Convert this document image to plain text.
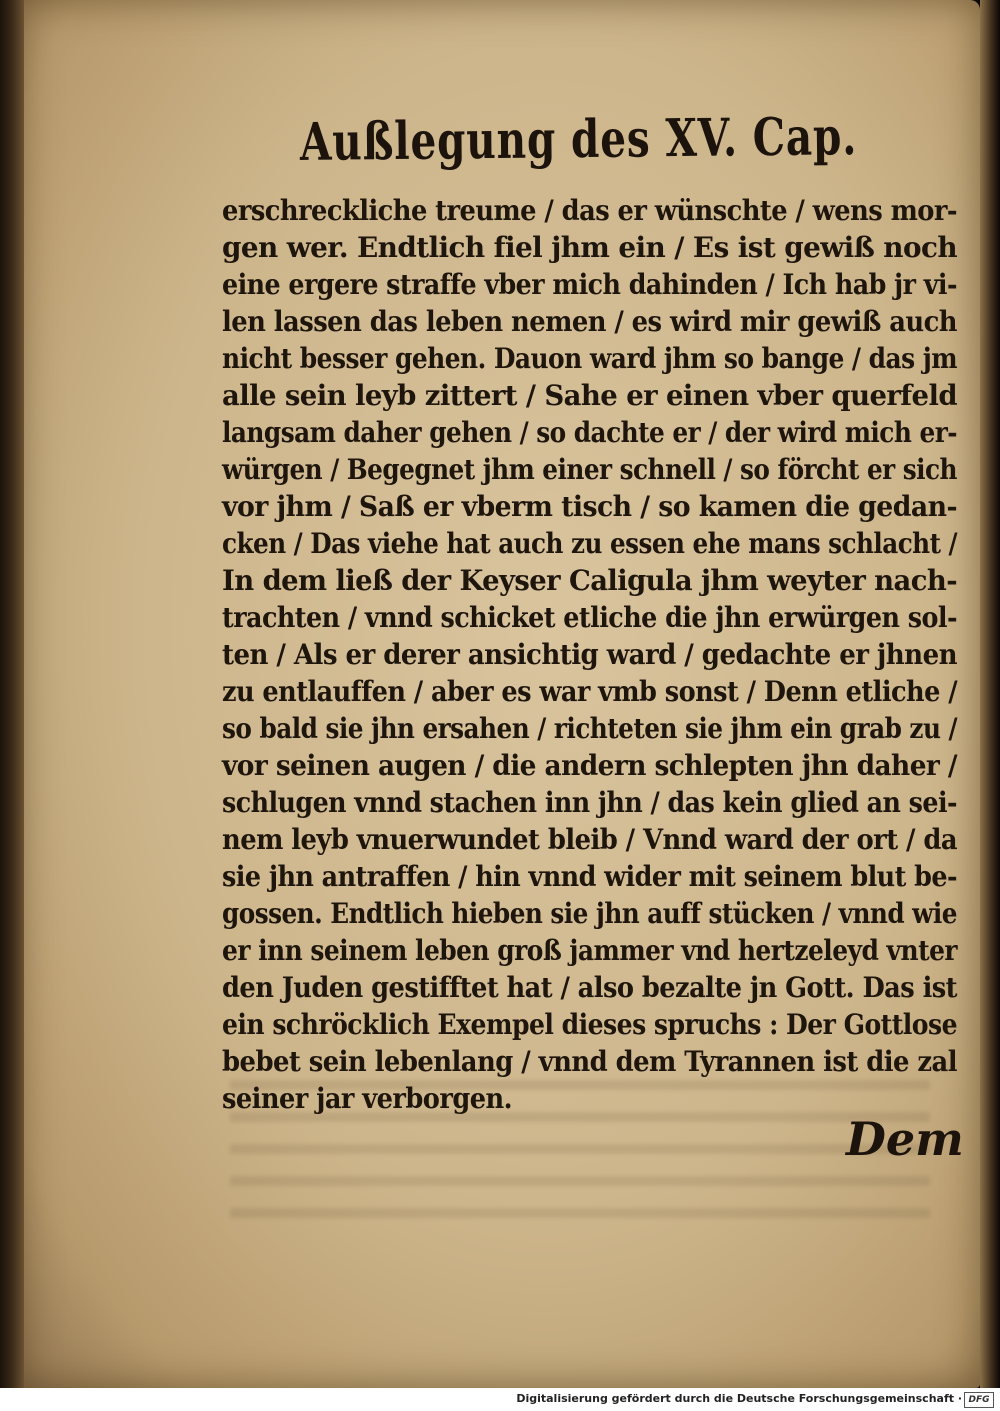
Außlegung des XV. Cap.
erschreckliche treume / das er wünschte / wens mor-
gen wer. Endtlich fiel jhm ein / Es ist gewiß noch
eine ergere straffe vber mich dahinden / Ich hab jr vi-
len lassen das leben nemen / es wird mir gewiß auch
nicht besser gehen. Dauon ward jhm so bange / das jm
alle sein leyb zittert / Sahe er einen vber querfeld
langsam daher gehen / so dachte er / der wird mich er-
würgen / Begegnet jhm einer schnell / so förcht er sich
vor jhm / Saß er vberm tisch / so kamen die gedan-
cken / Das viehe hat auch zu essen ehe mans schlacht /
In dem ließ der Keyser Caligula jhm weyter nach-
trachten / vnnd schicket etliche die jhn erwürgen sol-
ten / Als er derer ansichtig ward / gedachte er jhnen
zu entlauffen / aber es war vmb sonst / Denn etliche /
so bald sie jhn ersahen / richteten sie jhm ein grab zu /
vor seinen augen / die andern schlepten jhn daher /
schlugen vnnd stachen inn jhn / das kein glied an sei-
nem leyb vnuerwundet bleib / Vnnd ward der ort / da
sie jhn antraffen / hin vnnd wider mit seinem blut be-
gossen. Endtlich hieben sie jhn auff stücken / vnnd wie
er inn seinem leben groß jammer vnd hertzeleyd vnter
den Juden gestifftet hat / also bezalte jn Gott. Das ist
ein schröcklich Exempel dieses spruchs : Der Gottlose
bebet sein lebenlang / vnnd dem Tyrannen ist die zal
seiner jar verborgen.
Dem
Digitalisierung gefördert durch die Deutsche Forschungsgemeinschaft · DFG
